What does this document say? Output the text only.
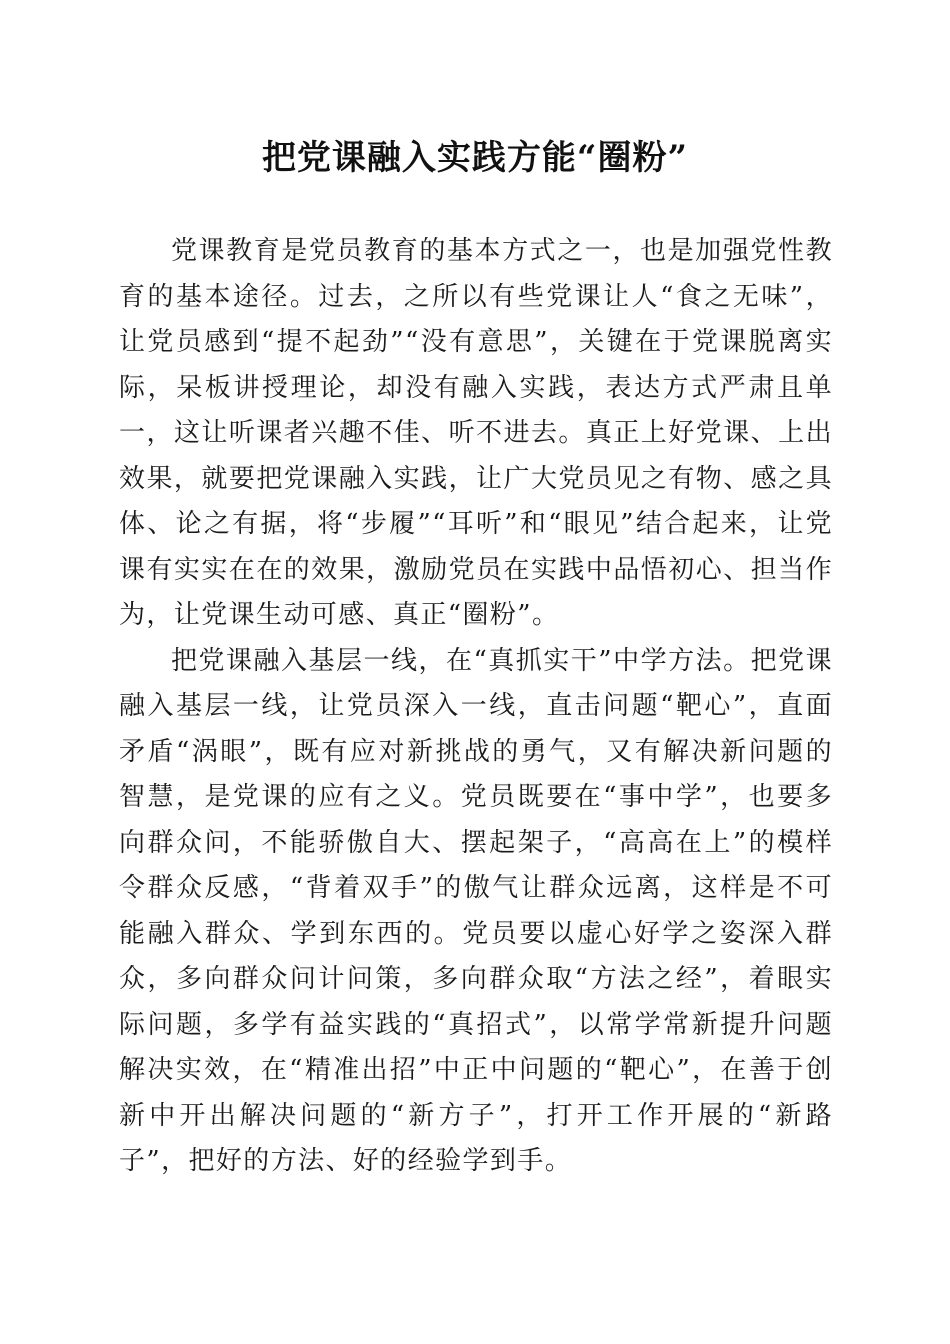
把党课融入实践方能“圈粉”

党课教育是党员教育的基本方式之一，也是加强党性教育的基本途径。过去，之所以有些党课让人“食之无味”，让党员感到“提不起劲”“没有意思”，关键在于党课脱离实际，呆板讲授理论，却没有融入实践，表达方式严肃且单一，这让听课者兴趣不佳、听不进去。真正上好党课、上出效果，就要把党课融入实践，让广大党员见之有物、感之具体、论之有据，将“步履”“耳听”和“眼见”结合起来，让党课有实实在在的效果，激励党员在实践中品悟初心、担当作为，让党课生动可感、真正“圈粉”。

把党课融入基层一线，在“真抓实干”中学方法。把党课融入基层一线，让党员深入一线，直击问题“靶心”，直面矛盾“涡眼”，既有应对新挑战的勇气，又有解决新问题的智慧，是党课的应有之义。党员既要在“事中学”，也要多向群众问，不能骄傲自大、摆起架子，“高高在上”的模样令群众反感，“背着双手”的傲气让群众远离，这样是不可能融入群众、学到东西的。党员要以虚心好学之姿深入群众，多向群众问计问策，多向群众取“方法之经”，着眼实际问题，多学有益实践的“真招式”，以常学常新提升问题解决实效，在“精准出招”中正中问题的“靶心”，在善于创新中开出解决问题的“新方子”，打开工作开展的“新路子”，把好的方法、好的经验学到手。
